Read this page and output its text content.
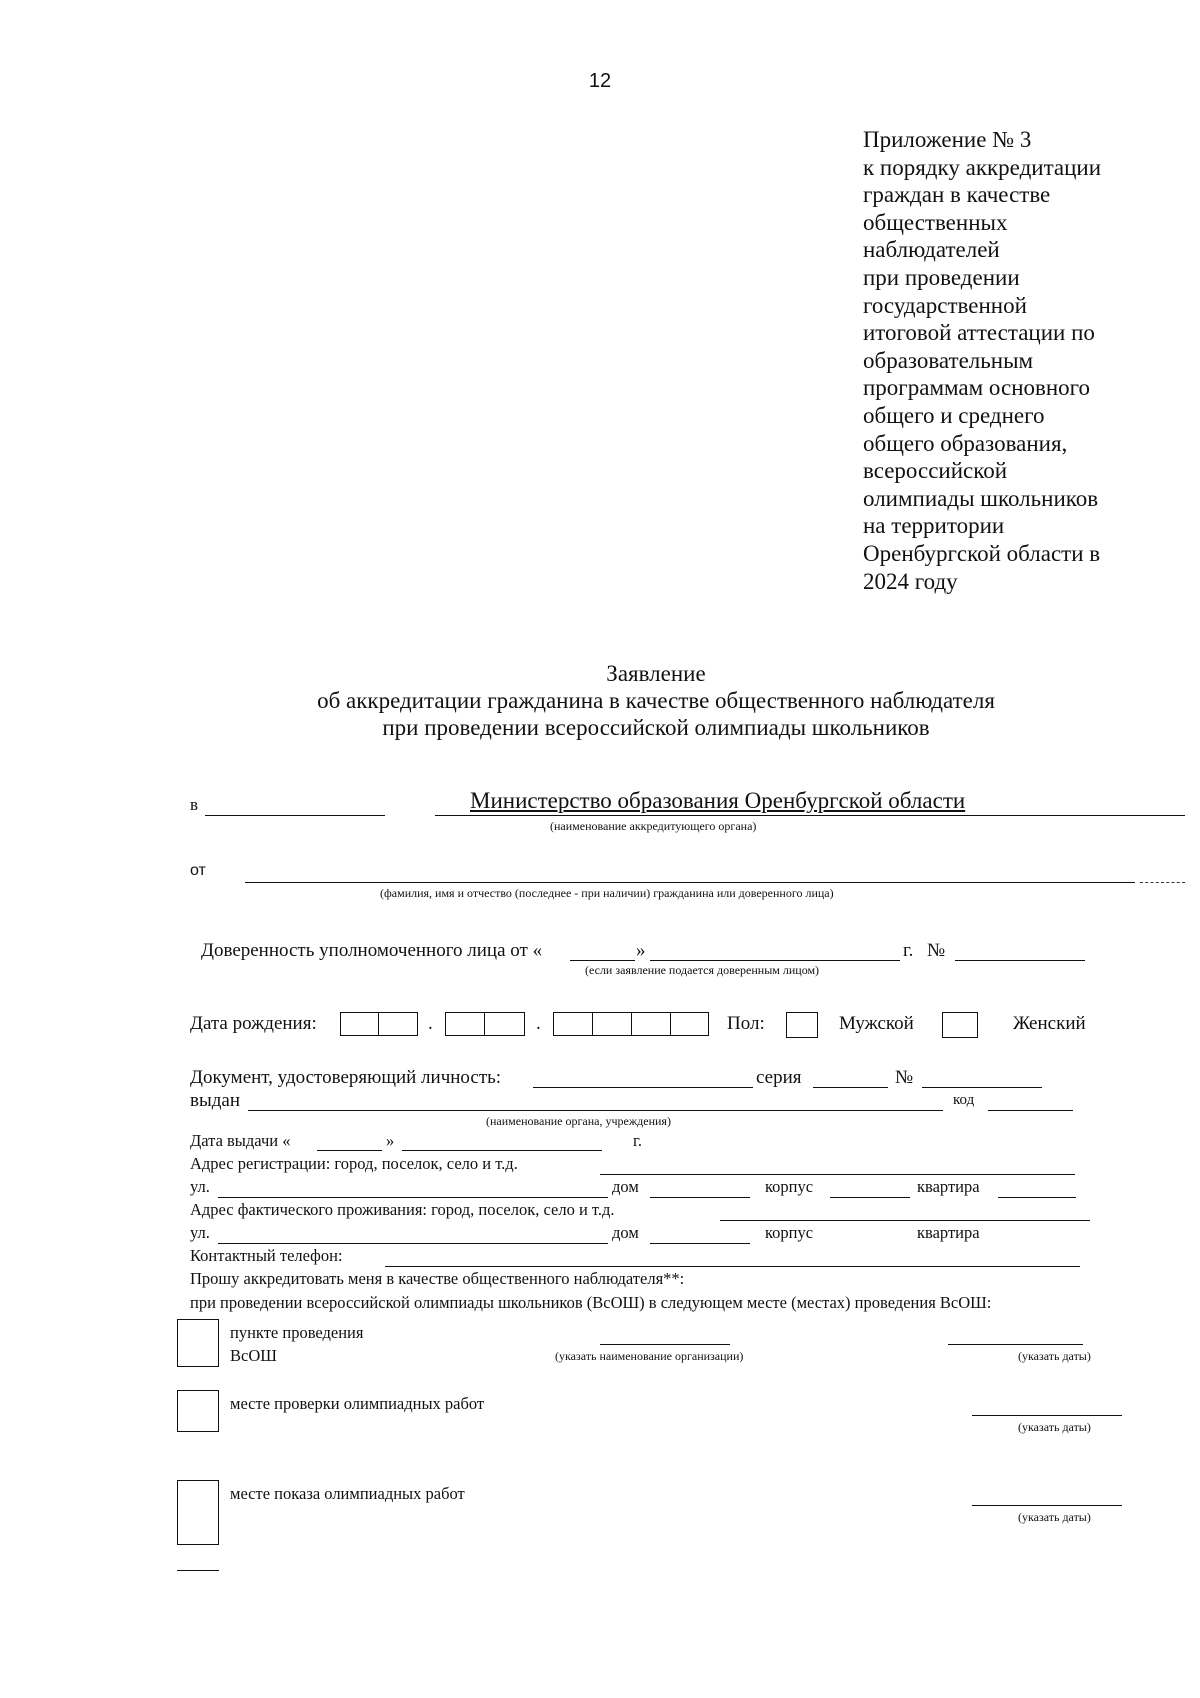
12
Приложение № 3
к порядку аккредитации
граждан в качестве
общественных
наблюдателей
при проведении
государственной
итоговой аттестации по
образовательным
программам основного
общего и среднего
общего образования,
всероссийской
олимпиады школьников
на территории
Оренбургской области в
2024 году
Заявление
об аккредитации гражданина в качестве общественного наблюдателя
при проведении всероссийской олимпиады школьников
в	Министерство образования Оренбургской области
(наименование аккредитующего органа)
от
(фамилия, имя и отчество (последнее - при наличии) гражданина или доверенного лица)
Доверенность уполномоченного лица от «	»	г. №
(если заявление подается доверенным лицом)
Дата рождения:	.	.	Пол:	Мужской	Женский
Документ, удостоверяющий личность:	серия	№
выдан	код
(наименование органа, учреждения)
Дата выдачи «	»	г.
Адрес регистрации: город, поселок, село и т.д.
ул.	дом	корпус	квартира
Адрес фактического проживания: город, поселок, село и т.д.
ул.	дом	корпус	квартира
Контактный телефон:
Прошу аккредитовать меня в качестве общественного наблюдателя**:
при проведении всероссийской олимпиады школьников (ВсОШ) в следующем месте (местах) проведения ВсОШ:
пункте проведения
ВсОШ	(указать наименование организации)	(указать даты)
месте проверки олимпиадных работ
(указать даты)
месте показа олимпиадных работ
(указать даты)
